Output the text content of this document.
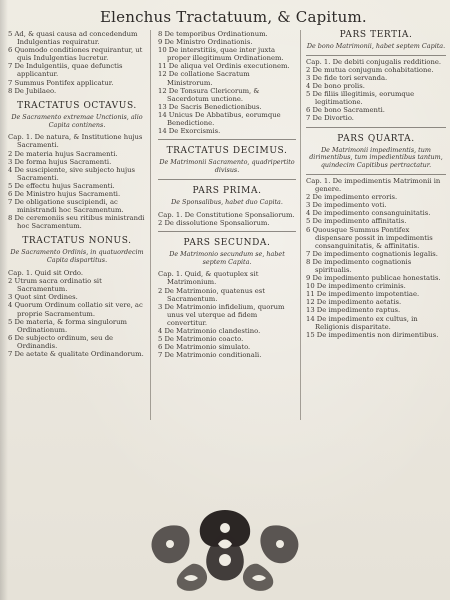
Elenchus Tractatuum, & Capitum.

5 Ad, & quasi causa ad concedendum Indulgentias requiratur.

6 Quomodo conditiones requirantur, ut quis Indulgentias lucretur.

7 De Indulgentiis, quae defunctis applicantur.

7 Summus Pontifex applicatur.

8 De Jubilaeo.

TRACTATUS OCTAVUS.
De Sacramento extremae Unctionis, alio Capita continens.

Cap. 1. De natura, & Institutione hujus Sacramenti.

2 De materia hujus Sacramenti.

3 De forma hujus Sacramenti.

4 De suscipiente, sive subjecto hujus Sacramenti.

5 De effectu hujus Sacramenti.

6 De Ministro hujus Sacramenti.

7 De obligatione suscipiendi, ac ministrandi hoc Sacramentum.

8 De ceremoniis seu ritibus ministrandi hoc Sacramentum.

TRACTATUS NONUS.
De Sacramento Ordinis, in quatuordecim Capita dispartitus.

Cap. 1. Quid sit Ordo.

2 Utrum sacra ordinatio sit Sacramentum.

3 Quot sint Ordines.

4 Quorum Ordinum collatio sit vere, ac proprie Sacramentum.

5 De materia, & forma singulorum Ordinationum.

6 De subjecto ordinum, seu de Ordinandis.

7 De aetate & qualitate Ordinandorum.

8 De temporibus Ordinationum.

9 De Ministro Ordinationis.

10 De interstitiis, quae inter juxta proper illegitimum Ordinationem.

11 De aliqua vel Ordinis executionem.

12 De collatione Sacratum Ministrorum.

12 De Tonsura Clericorum, & Sacerdotum unctione.

13 De Sacris Benedictionibus.

14 Unicus De Abbatibus, eorumque Benedictione.

14 De Exorcismis.

TRACTATUS DECIMUS.
De Matrimonii Sacramento, quadripertito divisus.
PARS PRIMA.
De Sponsalibus, habet duo Capita.

Cap. 1. De Constitutione Sponsaliorum.

2 De dissolutione Sponsaliorum.

PARS SECUNDA.
De Matrimonio secundum se, habet septem Capita.

Cap. 1. Quid, & quotuplex sit Matrimonium.

2 De Matrimonio, quatenus est Sacramentum.

3 De Matrimonio infidelium, quorum unus vel uterque ad fidem convertitur.

4 De Matrimonio clandestino.

5 De Matrimonio coacto.

6 De Matrimonio simulato.

7 De Matrimonio conditionali.

PARS TERTIA.
De bono Matrimonii, habet septem Capita.

Cap. 1. De debiti conjugalis redditione.

2 De mutua conjugum cohabitatione.

3 De fide tori servanda.

4 De bono prolis.

5 De filiis illegitimis, eorumque legitimatione.

6 De bono Sacramenti.

7 De Divortio.

PARS QUARTA.
De Matrimonii impedimentis, tum dirimentibus, tum impedientibus tantum, quindecim Capitibus pertractatur.

Cap. 1. De impedimentis Matrimonii in genere.

2 De impedimento erroris.

3 De impedimento voti.

4 De impedimento consanguinitatis.

5 De impedimento affinitatis.

6 Quousque Summus Pontifex dispensare possit in impedimentis consanguinitatis, & affinitatis.

7 De impedimento cognationis legalis.

8 De impedimento cognationis spiritualis.

9 De impedimento publicae honestatis.

10 De impedimento criminis.

11 De impedimento impotentiae.

12 De impedimento aetatis.

13 De impedimento raptus.

14 De impedimento ex cultus, in Religionis disparitate.

15 De impedimentis non dirimentibus.
